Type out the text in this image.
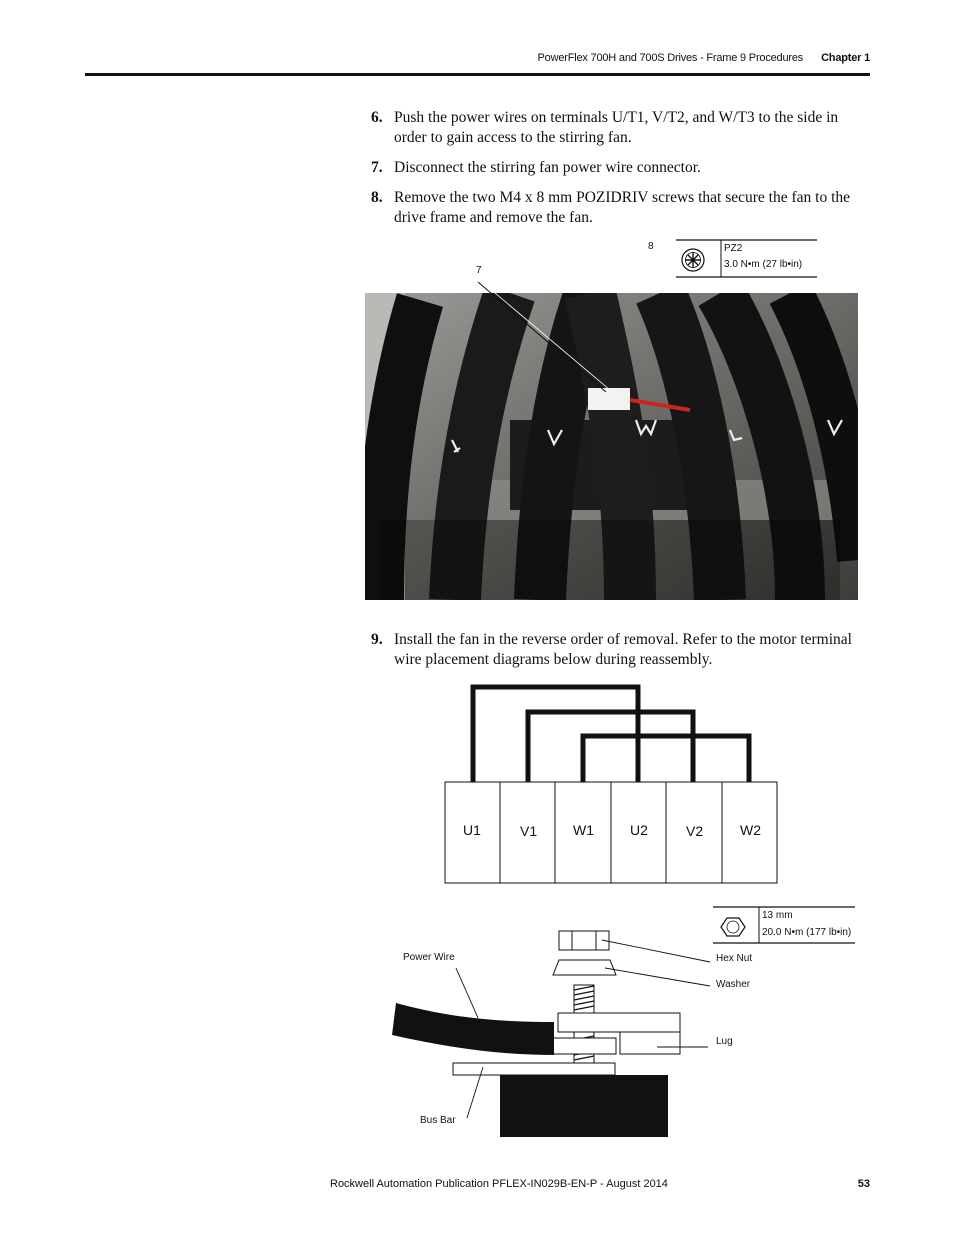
PowerFlex 700H and 700S Drives - Frame 9 Procedures Chapter 1
6. Push the power wires on terminals U/T1, V/T2, and W/T3 to the side in order to gain access to the stirring fan.
7. Disconnect the stirring fan power wire connector.
8. Remove the two M4 x 8 mm POZIDRIV screws that secure the fan to the drive frame and remove the fan.
8
7
PZ2
3.0 N•m (27 lb•in)
U1	V1	W1	U2	V2	W2
9. Install the fan in the reverse order of removal. Refer to the motor terminal wire placement diagrams below during reassembly.
13 mm
20.0 N•m (177 lb•in)
Power Wire	Hex Nut
Washer
Lug
Bus Bar
Rockwell Automation Publication PFLEX-IN029B-EN-P - August 2014	53
